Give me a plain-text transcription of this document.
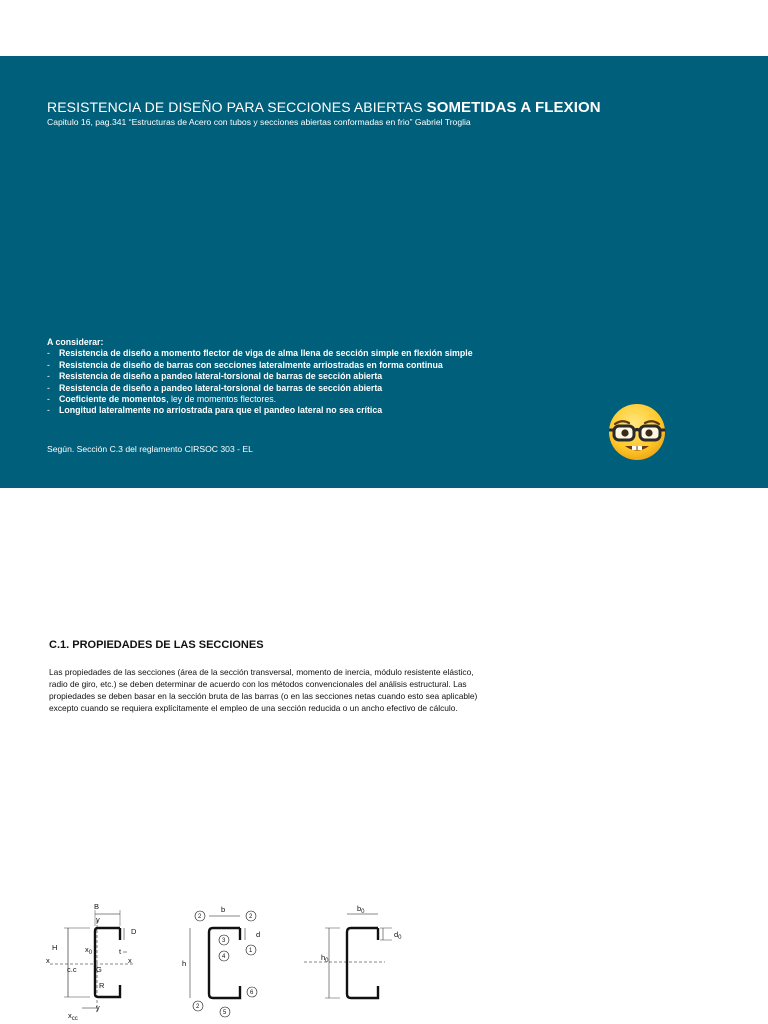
RESISTENCIA DE DISEÑO PARA SECCIONES ABIERTAS SOMETIDAS A FLEXION

Capitulo 16, pag.341 “Estructuras de Acero con tubos y secciones abiertas conformadas en frio” Gabriel Troglia

A considerar:
- Resistencia de diseño a momento flector de viga de alma llena de sección simple en flexión simple
- Resistencia de diseño de barras con secciones lateralmente arriostradas en forma continua
- Resistencia de diseño a pandeo lateral-torsional de barras de sección abierta
- Resistencia de diseño a pandeo lateral-torsional de barras de sección abierta
- Coeficiente de momentos, ley de momentos flectores.
- Longitud lateralmente no arriostrada para que el pandeo lateral no sea crítica
Según. Sección C.3 del reglamento CIRSOC 303 - EL
C.1. PROPIEDADES DE LAS SECCIONES

Las propiedades de las secciones (área de la sección transversal, momento de inercia, módulo resistente elástico, radio de giro, etc.) se deben determinar de acuerdo con los métodos convencionales del análisis estructural. Las propiedades se deben basar en la sección bruta de las barras (o en las secciones netas cuando esto sea aplicable) excepto cuando se requiera explícitamente el empleo de una sección reducida o un ancho efectivo de cálculo.

B
y
D
t
H
x
$x_0$
c.c	G
x
R
$x_{cc}$
y
b
d
h
2	2
3
4
1
2
5
6
$b_0$
$d_0$
$h_0$
